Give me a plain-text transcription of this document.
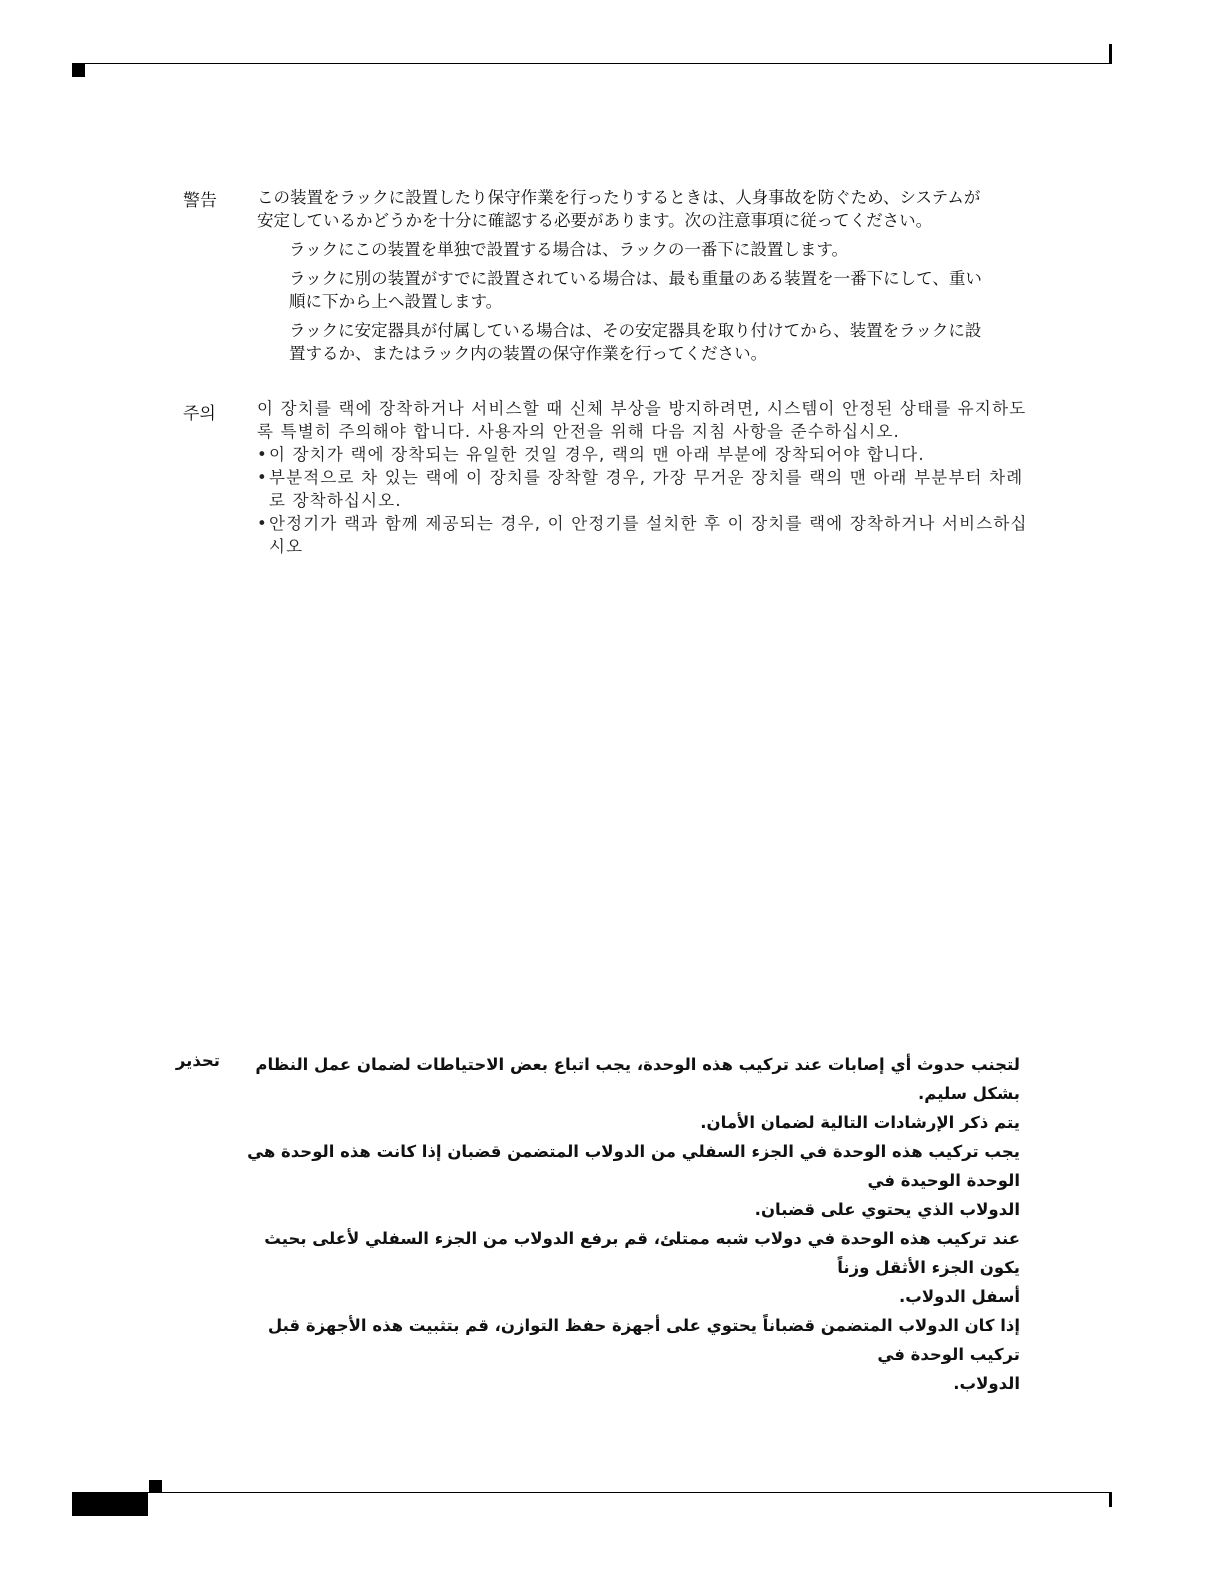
警告 この装置をラックに設置したり保守作業を行ったりするときは、人身事故を防ぐため、システムが

安定しているかどうかを十分に確認する必要があります。次の注意事項に従ってください。

ラックにこの装置を単独で設置する場合は、ラックの一番下に設置します。

ラックに別の装置がすでに設置されている場合は、最も重量のある装置を一番下にして、重い

順に下から上へ設置します。

ラックに安定器具が付属している場合は、その安定器具を取り付けてから、装置をラックに設

置するか、またはラック内の装置の保守作業を行ってください。

주의 이 장치를 랙에 장착하거나 서비스할 때 신체 부상을 방지하려면, 시스템이 안정된 상태를 유지하도

록 특별히 주의해야 합니다. 사용자의 안전을 위해 다음 지침 사항을 준수하십시오.

• 이 장치가 랙에 장착되는 유일한 것일 경우, 랙의 맨 아래 부분에 장착되어야 합니다.

• 부분적으로 차 있는 랙에 이 장치를 장착할 경우, 가장 무거운 장치를 랙의 맨 아래 부분부터 차례

로 장착하십시오.

• 안정기가 랙과 함께 제공되는 경우, 이 안정기를 설치한 후 이 장치를 랙에 장착하거나 서비스하십

시오

تحذير	لتجنب حدوث أي إصابات عند تركيب هذه الوحدة، يجب اتباع بعض الاحتياطات لضمان عمل النظام بشكل سليم.

يتم ذكر الإرشادات التالية لضمان الأمان.

يجب تركيب هذه الوحدة في الجزء السفلي من الدولاب المتضمن قضبان إذا كانت هذه الوحدة هي الوحدة الوحيدة في

الدولاب الذي يحتوي على قضبان.

عند تركيب هذه الوحدة في دولاب شبه ممتلئ، قم برفع الدولاب من الجزء السفلي لأعلى بحيث يكون الجزء الأثقل وزناً

أسفل الدولاب.

إذا كان الدولاب المتضمن قضباناً يحتوي على أجهزة حفظ التوازن، قم بتثبيت هذه الأجهزة قبل تركيب الوحدة في

الدولاب.
